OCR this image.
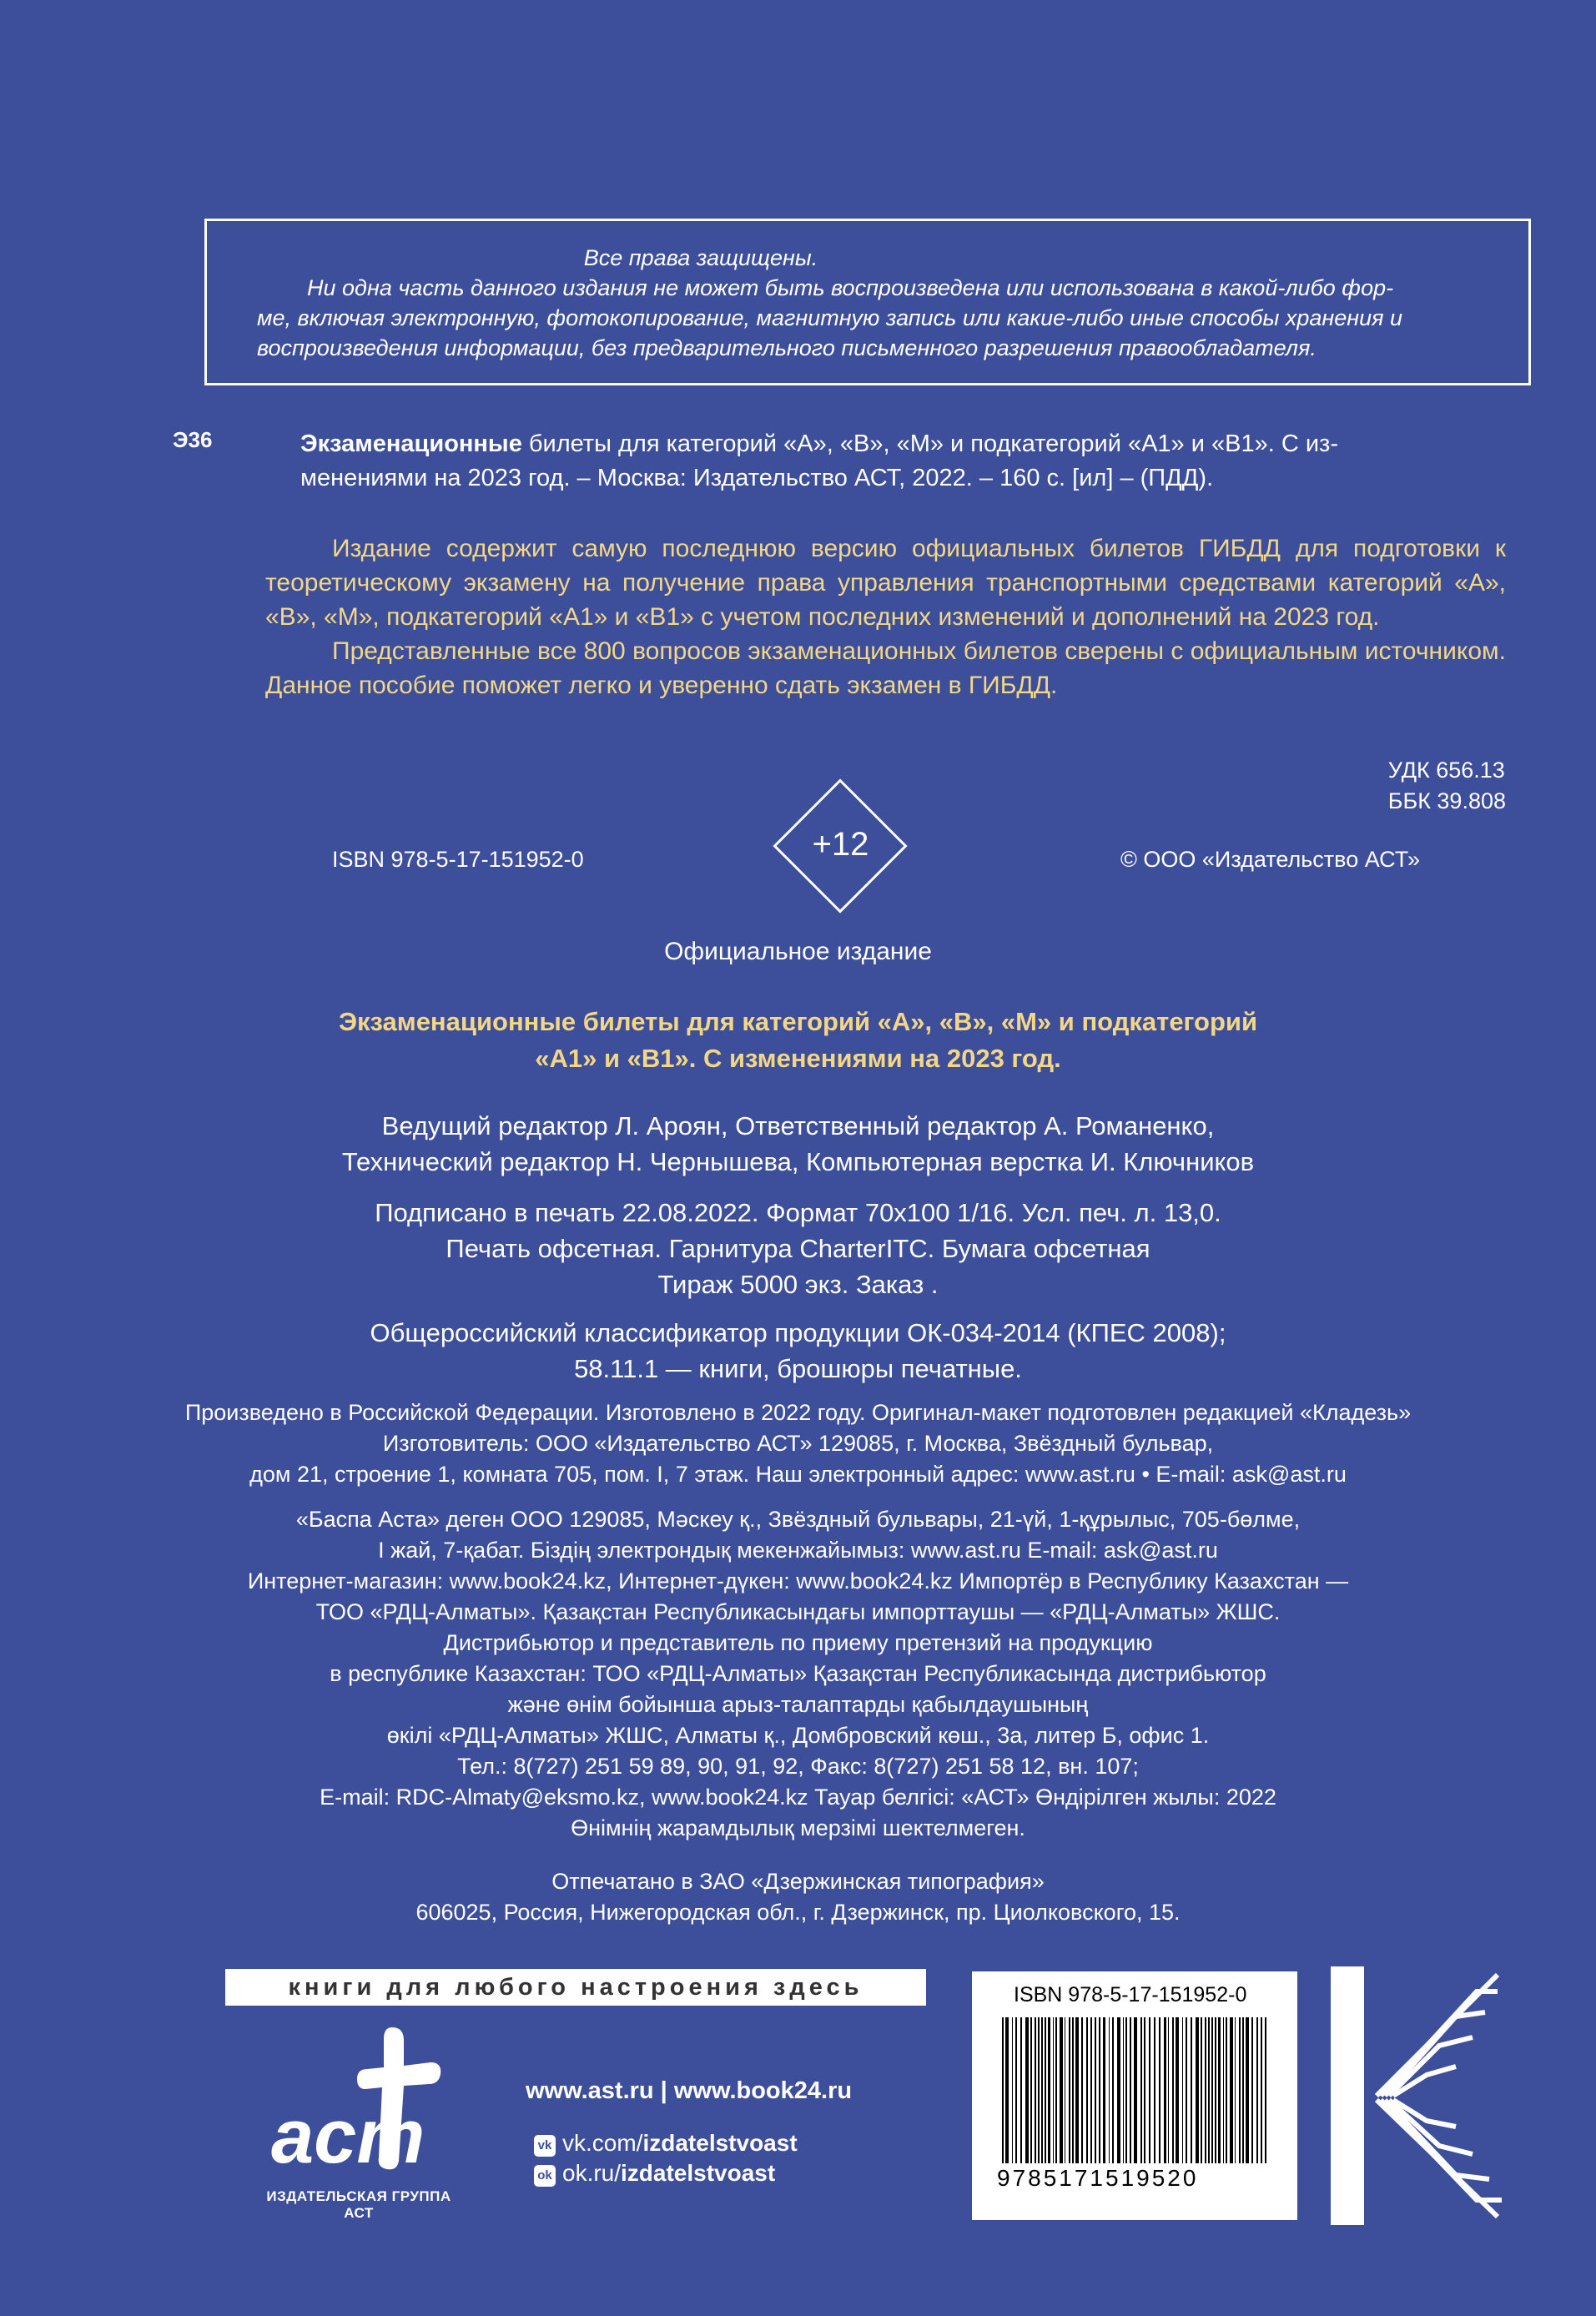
Все права защищены.
Ни одна часть данного издания не может быть воспроизведена или использована в какой-либо фор-
ме, включая электронную, фотокопирование, магнитную запись или какие-либо иные способы хранения и
воспроизведения информации, без предварительного письменного разрешения правообладателя.
Э36	Экзаменационные билеты для категорий «А», «В», «М» и подкатегорий «А1» и «В1». С из-
менениями на 2023 год. – Москва: Издательство АСТ, 2022. – 160 с. [ил] – (ПДД).

Издание содержит самую последнюю версию официальных билетов ГИБДД для подготовки к теоретическому экзамену на получение права управления транспортными средствами категорий «А», «В», «М», подкатегорий «А1» и «В1» с учетом последних изменений и дополнений на 2023 год.

Представленные все 800 вопросов экзаменационных билетов сверены с официальным источником. Данное пособие поможет легко и уверенно сдать экзамен в ГИБДД.

УДК 656.13
ББК 39.808
ISBN 978-5-17-151952-0	+12	© ООО «Издательство АСТ»
Официальное издание
Экзаменационные билеты для категорий «А», «В», «М» и подкатегорий
«А1» и «В1». С изменениями на 2023 год.

Ведущий редактор Л. Ароян, Ответственный редактор А. Романенко,

Технический редактор Н. Чернышева, Компьютерная верстка И. Ключников

Подписано в печать 22.08.2022. Формат 70x100 1/16. Усл. печ. л. 13,0.

Печать офсетная. Гарнитура CharterITC. Бумага офсетная

Тираж 5000 экз. Заказ .

Общероссийский классификатор продукции ОК-034-2014 (КПЕС 2008);

58.11.1 — книги, брошюры печатные.

Произведено в Российской Федерации. Изготовлено в 2022 году. Оригинал-макет подготовлен редакцией «Кладезь»

Изготовитель: ООО «Издательство АСТ» 129085, г. Москва, Звёздный бульвар,

дом 21, строение 1, комната 705, пом. I, 7 этаж. Наш электронный адрес: www.ast.ru • E-mail: ask@ast.ru

«Баспа Аста» деген ООО 129085, Мәскеу қ., Звёздный бульвары, 21-үй, 1-құрылыс, 705-бөлме,

I жай, 7-қабат. Біздің электрондық мекенжайымыз: www.ast.ru E-mail: ask@ast.ru

Интернет-магазин: www.book24.kz, Интернет-дүкен: www.book24.kz Импортёр в Республику Казахстан —

ТОО «РДЦ-Алматы». Қазақстан Республикасындағы импорттаушы — «РДЦ-Алматы» ЖШС.

Дистрибьютор и представитель по приему претензий на продукцию

в республике Казахстан: ТОО «РДЦ-Алматы» Қазақстан Республикасында дистрибьютор

және өнім бойынша арыз-талаптарды қабылдаушының

өкілі «РДЦ-Алматы» ЖШС, Алматы қ., Домбровский көш., 3а, литер Б, офис 1.

Тел.: 8(727) 251 59 89, 90, 91, 92, Факс: 8(727) 251 58 12, вн. 107;

E-mail: RDC-Almaty@eksmo.kz, www.book24.kz Тауар белгісі: «АСТ» Өндірілген жылы: 2022

Өнімнің жарамдылық мерзімі шектелмеген.

Отпечатано в ЗАО «Дзержинская типография»

606025, Россия, Нижегородская обл., г. Дзержинск, пр. Циолковского, 15.

книги для любого настроения здесь
аст
ИЗДАТЕЛЬСКАЯ ГРУППА АСТ
www.ast.ru | www.book24.ru
vk vk.com/izdatelstvoast
ok ok.ru/izdatelstvoast
ISBN 978-5-17-151952-0
9785171519520
